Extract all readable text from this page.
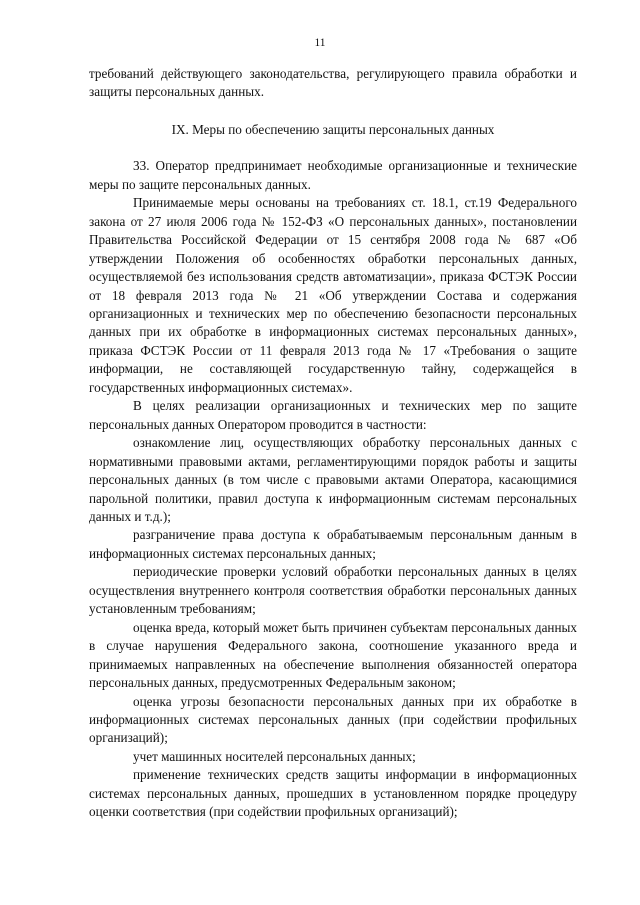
11

требований действующего законодательства, регулирующего правила обработки и защиты персональных данных.

IX. Меры по обеспечению защиты персональных данных

33. Оператор предпринимает необходимые организационные и технические меры по защите персональных данных.

Принимаемые меры основаны на требованиях ст. 18.1, ст.19 Федерального закона от 27 июля 2006 года № 152-ФЗ «О персональных данных», постановлении Правительства Российской Федерации от 15 сентября 2008 года № 687 «Об утверждении Положения об особенностях обработки персональных данных, осуществляемой без использования средств автоматизации», приказа ФСТЭК России от 18 февраля 2013 года № 21 «Об утверждении Состава и содержания организационных и технических мер по обеспечению безопасности персональных данных при их обработке в информационных системах персональных данных», приказа ФСТЭК России от 11 февраля 2013 года № 17 «Требования о защите информации, не составляющей государственную тайну, содержащейся в государственных информационных системах».

В целях реализации организационных и технических мер по защите персональных данных Оператором проводится в частности:

ознакомление лиц, осуществляющих обработку персональных данных с нормативными правовыми актами, регламентирующими порядок работы и защиты персональных данных (в том числе с правовыми актами Оператора, касающимися парольной политики, правил доступа к информационным системам персональных данных и т.д.);

разграничение права доступа к обрабатываемым персональным данным в информационных системах персональных данных;

периодические проверки условий обработки персональных данных в целях осуществления внутреннего контроля соответствия обработки персональных данных установленным требованиям;

оценка вреда, который может быть причинен субъектам персональных данных в случае нарушения Федерального закона, соотношение указанного вреда и принимаемых направленных на обеспечение выполнения обязанностей оператора персональных данных, предусмотренных Федеральным законом;

оценка угрозы безопасности персональных данных при их обработке в информационных системах персональных данных (при содействии профильных организаций);

учет машинных носителей персональных данных;

применение технических средств защиты информации в информационных системах персональных данных, прошедших в установленном порядке процедуру оценки соответствия (при содействии профильных организаций);
